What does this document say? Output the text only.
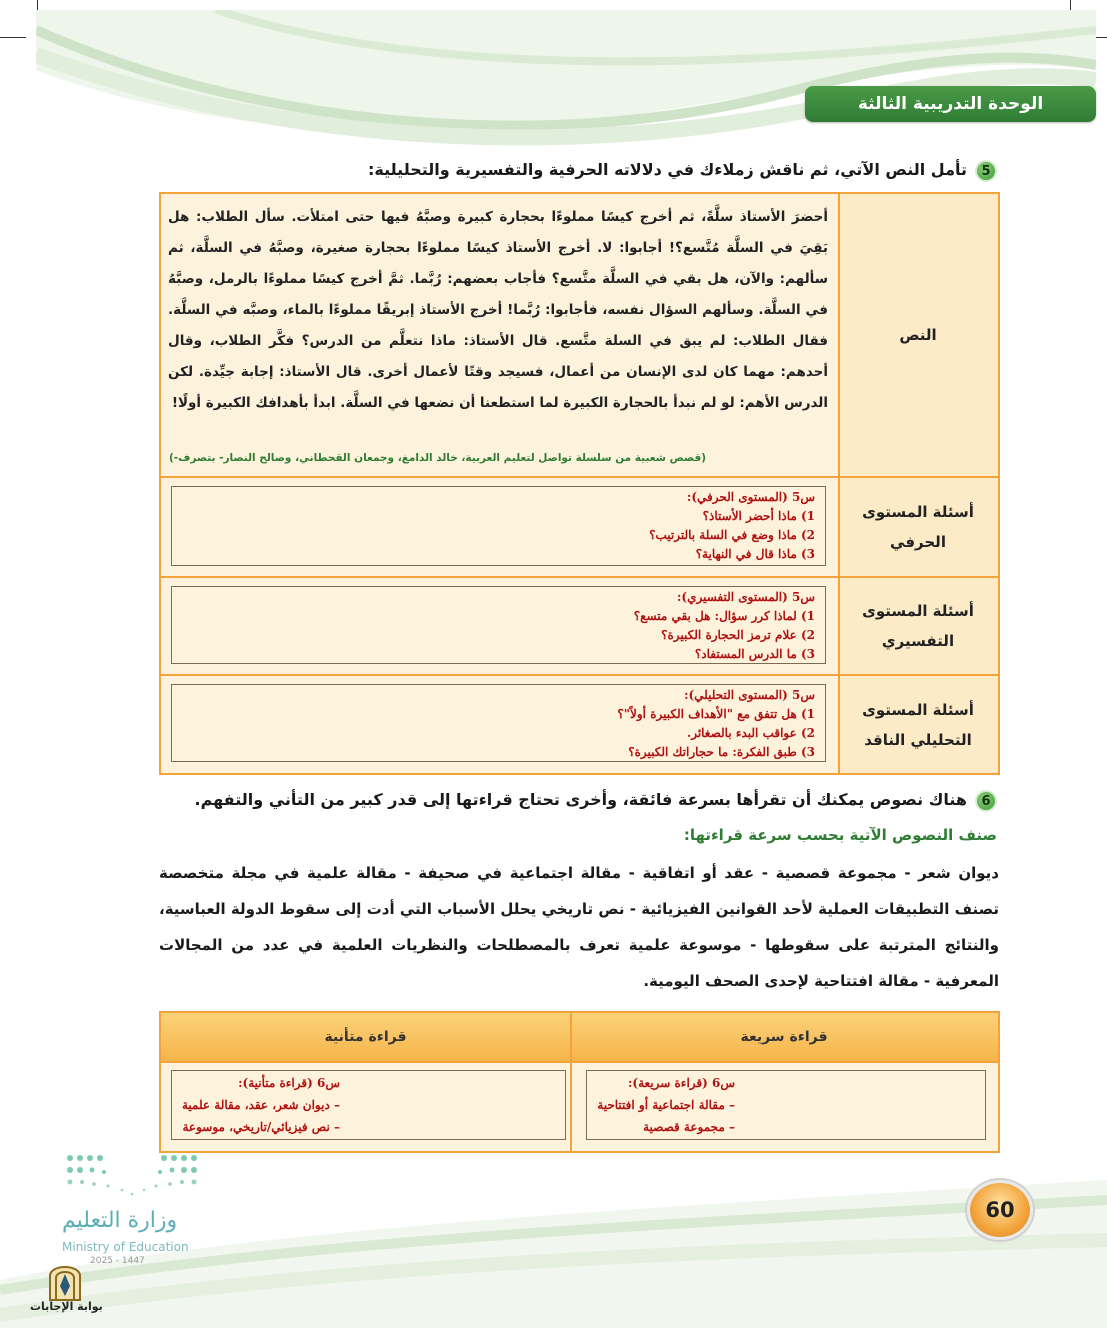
الوحدة التدريبية الثالثة
5
تأمل النص الآتي، ثم ناقش زملاءك في دلالاته الحرفية والتفسيرية والتحليلية:
النص
أحضرَ الأستاذ سلَّةً، ثم أخرج كيسًا مملوءًا بحجارة كبيرة وصبَّهُ فيها حتى امتلأت. سأل الطلاب: هل بَقِيَ في السلَّة مُتَّسع؟! أجابوا: لا. أخرج الأستاذ كيسًا مملوءًا بحجارة صغيرة، وصبَّهُ في السلَّة، ثم سألهم: والآن، هل بقي في السلَّة متَّسع؟ فأجاب بعضهم: رُبَّما. ثمَّ أخرج كيسًا مملوءًا بالرمل، وصبَّهُ في السلَّة. وسألهم السؤال نفسه، فأجابوا: رُبَّما! أخرج الأستاذ إبريقًا مملوءًا بالماء، وصبَّه في السلَّة. فقال الطلاب: لم يبق في السلة متَّسع. قال الأستاذ: ماذا نتعلَّم من الدرس؟ فكَّر الطلاب، وقال أحدهم: مهما كان لدى الإنسان من أعمال، فسيجد وقتًا لأعمال أخرى. قال الأستاذ: إجابة جيِّدة. لكن الدرس الأهم: لو لم نبدأ بالحجارة الكبيرة لما استطعنا أن نضعها في السلَّة. ابدأ بأهدافك الكبيرة أولًا!
(قصص شعبية من سلسلة تواصل لتعليم العربية، خالد الدامغ، وجمعان القحطاني، وصالح النصار- بتصرف-)
أسئلة المستوى
الحرفي
س5 (المستوى الحرفي):
1) ماذا أحضر الأستاذ؟
2) ماذا وضع في السلة بالترتيب؟
3) ماذا قال في النهاية؟
أسئلة المستوى
التفسيري
س5 (المستوى التفسيري):
1) لماذا كرر سؤال: هل بقي متسع؟
2) علام ترمز الحجارة الكبيرة؟
3) ما الدرس المستفاد؟
أسئلة المستوى
التحليلي الناقد
س5 (المستوى التحليلي):
1) هل تتفق مع "الأهداف الكبيرة أولاً"؟
2) عواقب البدء بالصغائر.
3) طبق الفكرة: ما حجاراتك الكبيرة؟
6
هناك نصوص يمكنك أن تقرأها بسرعة فائقة، وأخرى تحتاج قراءتها إلى قدر كبير من التأني والتفهم.
صنف النصوص الآتية بحسب سرعة قراءتها:
ديوان شعر - مجموعة قصصية - عقد أو اتفاقية - مقالة اجتماعية في صحيفة - مقالة علمية في مجلة متخصصة تصنف التطبيقات العملية لأحد القوانين الفيزيائية - نص تاريخي يحلل الأسباب التي أدت إلى سقوط الدولة العباسية، والنتائج المترتبة على سقوطها - موسوعة علمية تعرف بالمصطلحات والنظريات العلمية في عدد من المجالات المعرفية - مقالة افتتاحية لإحدى الصحف اليومية.
قراءة سريعة
قراءة متأنية
س6 (قراءة سريعة):
– مقالة اجتماعية أو افتتاحية
– مجموعة قصصية
س6 (قراءة متأنية):
– ديوان شعر، عقد، مقالة علمية
– نص فيزيائي/تاريخي، موسوعة
وزارة التعليم
Ministry of Education
2025 - 1447
بوابة الإجابات
60
